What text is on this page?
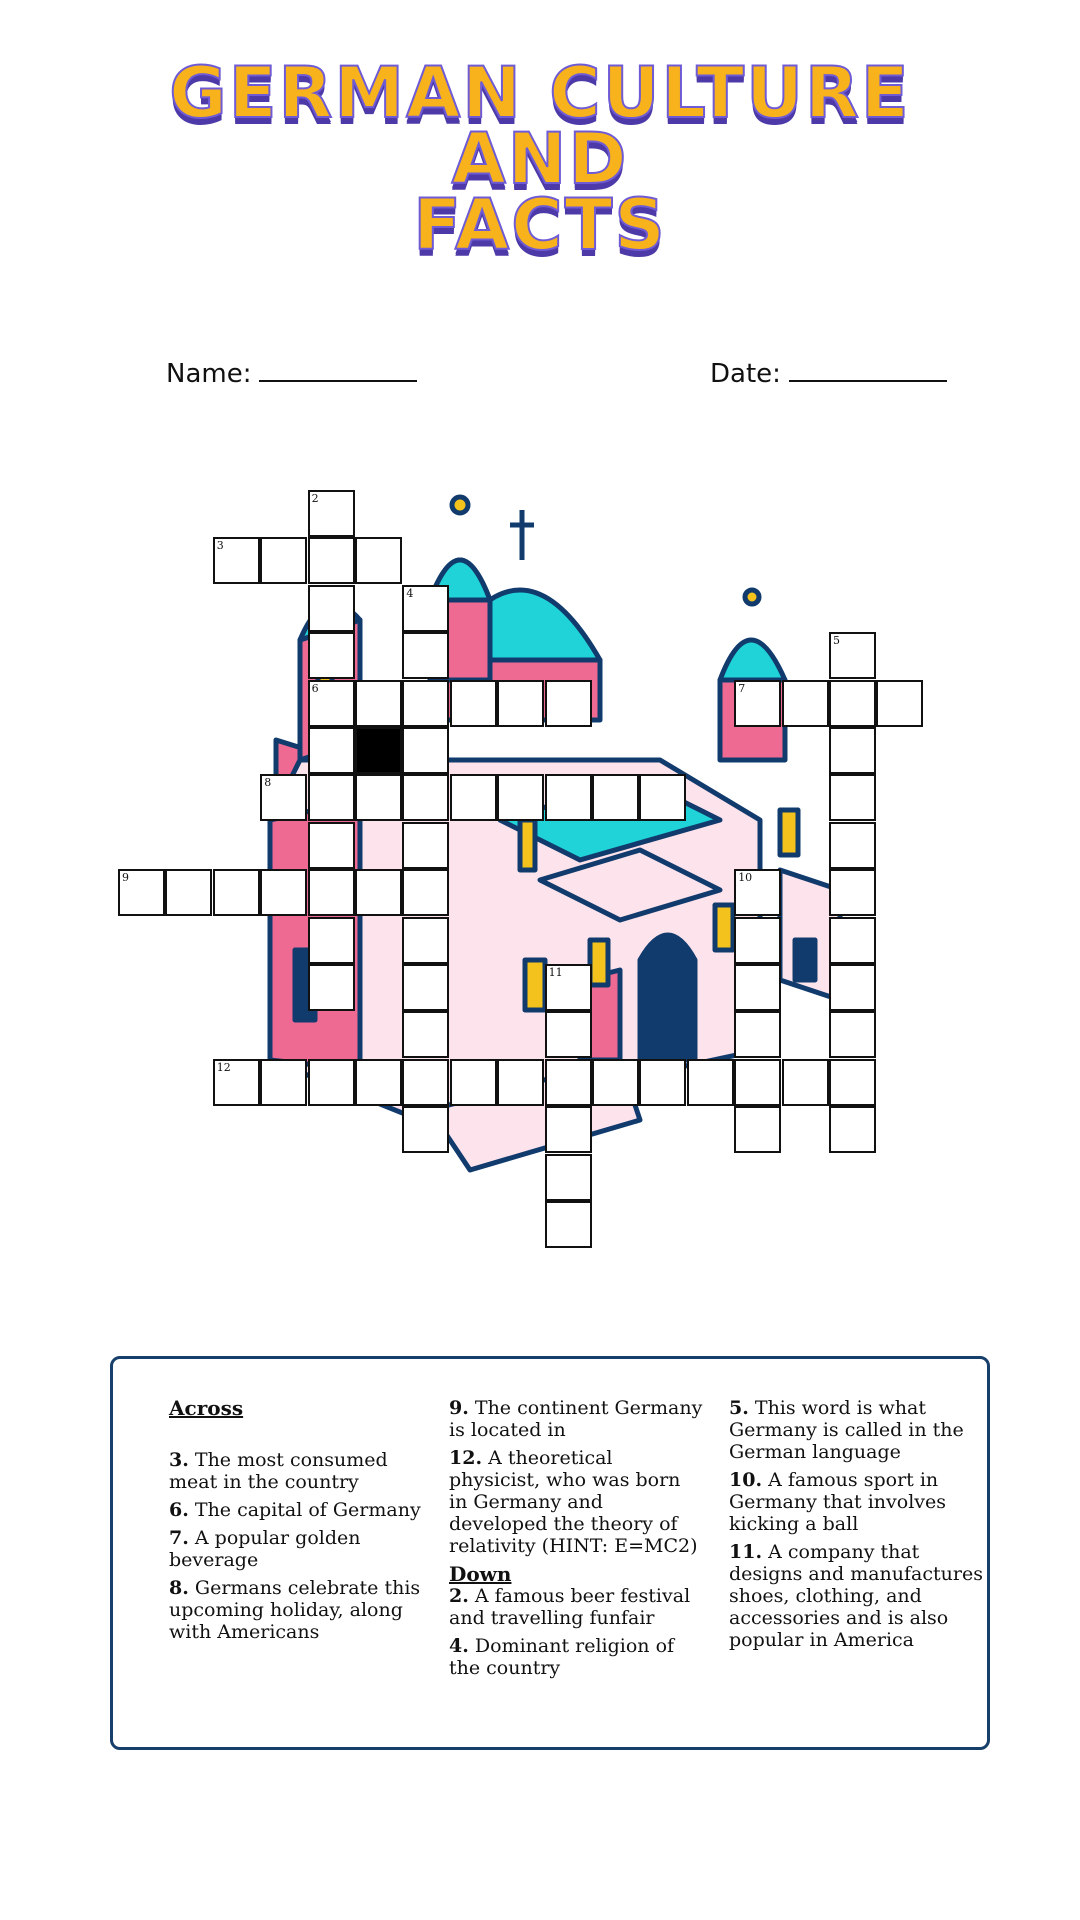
GERMAN CULTURE
AND
FACTS
Name:	Date:
2
6
3
4
5
7
8
9	10
11
12

Across

3. The most consumed meat in the country

6. The capital of Germany

7. A popular golden beverage

8. Germans celebrate this upcoming holiday, along with Americans

9. The continent Germany is located in

12. A theoretical physicist, who was born in Germany and developed the theory of relativity (HINT: E=MC2)

Down

2. A famous beer festival and travelling funfair

4. Dominant religion of the country

5. This word is what Germany is called in the German language

10. A famous sport in Germany that involves kicking a ball

11. A company that designs and manufactures shoes, clothing, and accessories and is also popular in America
